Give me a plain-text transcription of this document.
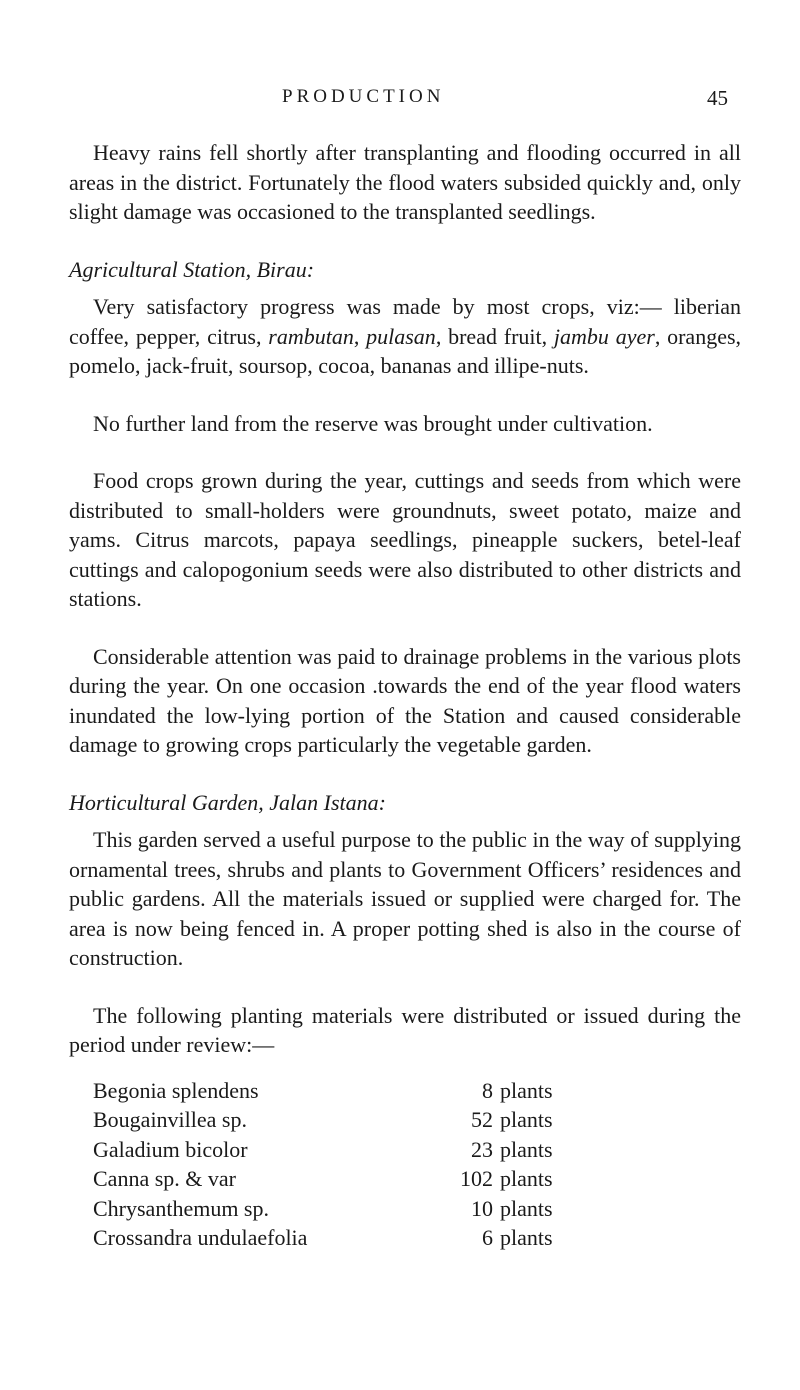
PRODUCTION	45

Heavy rains fell shortly after transplanting and flooding occurred in all areas in the district. Fortunately the flood waters subsided quickly and, only slight damage was occasioned to the transplanted seedlings.

Agricultural Station, Birau:

Very satisfactory progress was made by most crops, viz:— liberian coffee, pepper, citrus, rambutan, pulasan, bread fruit, jambu ayer, oranges, pomelo, jack-fruit, soursop, cocoa, bananas and illipe-nuts.

No further land from the reserve was brought under cultivation.

Food crops grown during the year, cuttings and seeds from which were distributed to small-holders were groundnuts, sweet potato, maize and yams. Citrus marcots, papaya seedlings, pineapple suckers, betel-leaf cuttings and calopogonium seeds were also distributed to other districts and stations.

Considerable attention was paid to drainage problems in the various plots during the year. On one occasion .towards the end of the year flood waters inundated the low-lying portion of the Station and caused considerable damage to growing crops particularly the vegetable garden.

Horticultural Garden, Jalan Istana:

This garden served a useful purpose to the public in the way of supplying ornamental trees, shrubs and plants to Government Officers’ residences and public gardens. All the materials issued or supplied were charged for. The area is now being fenced in. A proper potting shed is also in the course of construction.

The following planting materials were distributed or issued during the period under review:—

Begonia splendens	8 plants
Bougainvillea sp.	52 plants
Galadium bicolor	23 plants
Canna sp. & var	102 plants
Chrysanthemum sp.	10 plants
Crossandra undulaefolia	6 plants
